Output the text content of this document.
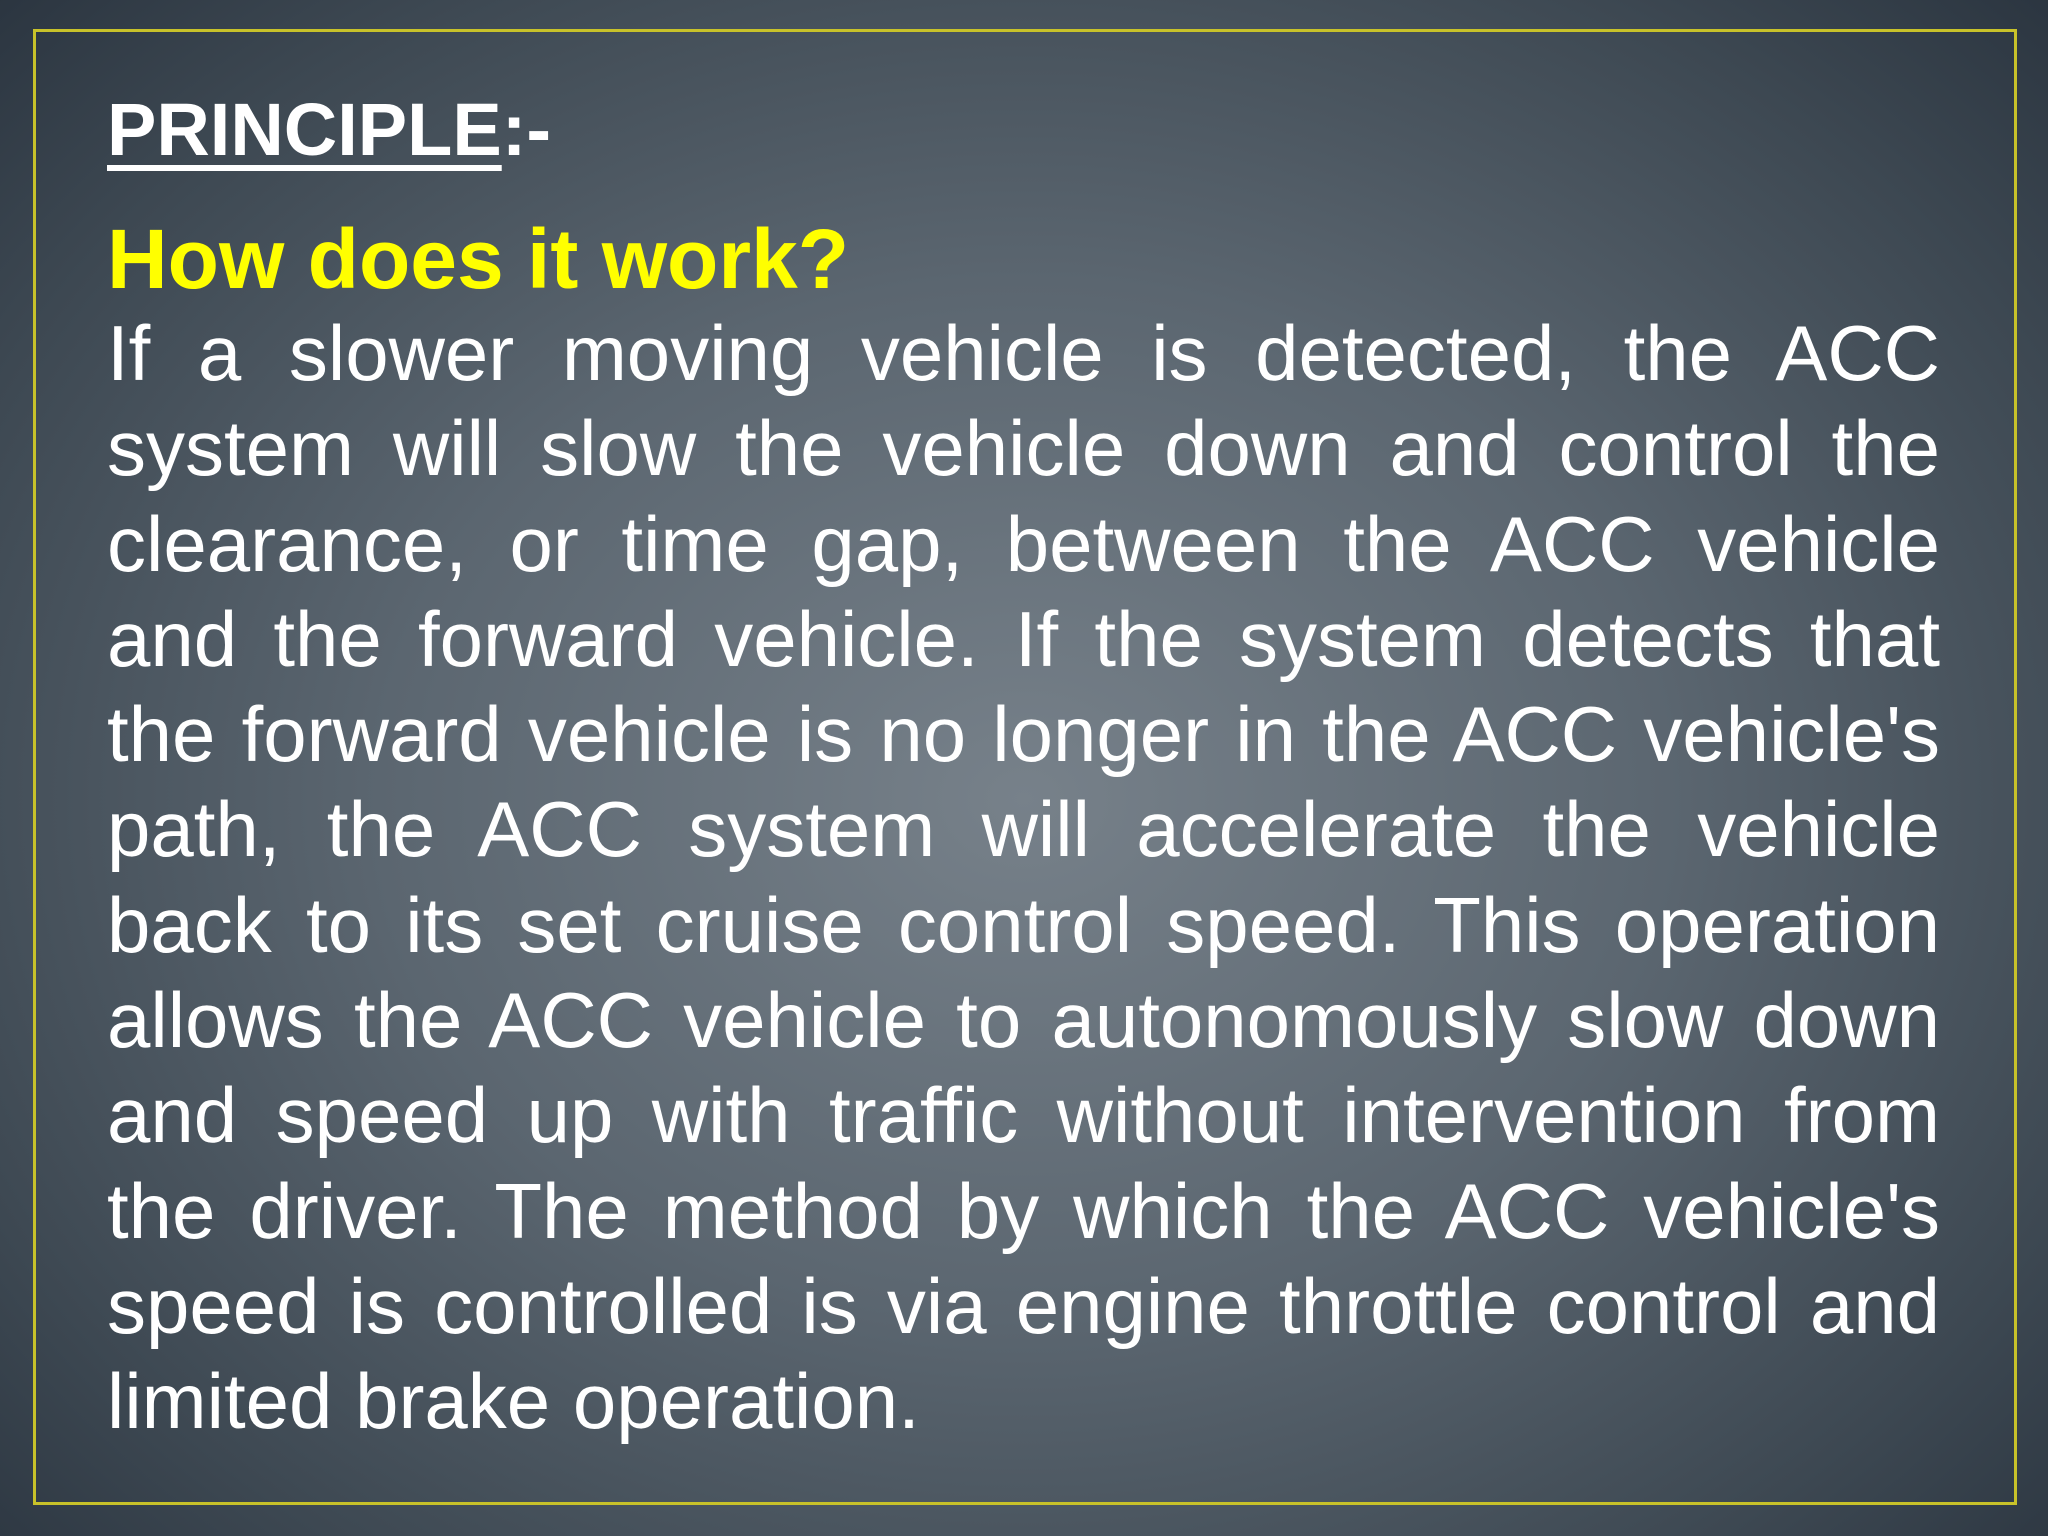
PRINCIPLE:-
How does it work?

If a slower moving vehicle is detected, the ACC system will slow the vehicle down and control the clearance, or time gap, between the ACC vehicle and the forward vehicle. If the system detects that the forward vehicle is no longer in the ACC vehicle's path, the ACC system will accelerate the vehicle back to its set cruise control speed. This operation allows the ACC vehicle to autonomously slow down and speed up with traffic without intervention from the driver. The method by which the ACC vehicle's speed is controlled is via engine throttle control and limited brake operation.
